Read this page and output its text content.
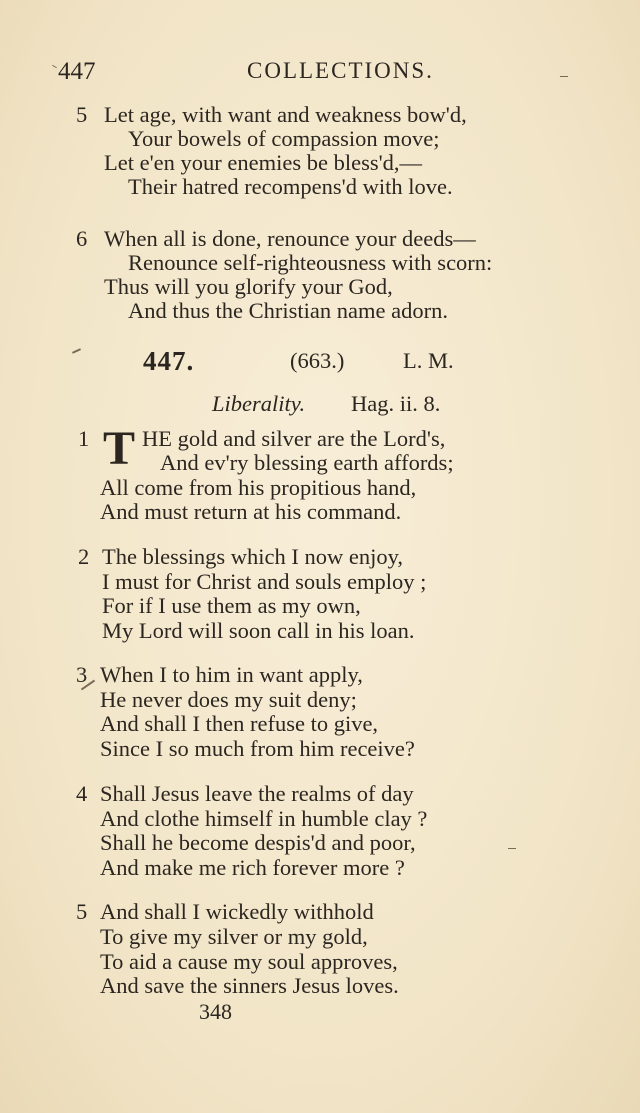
447	COLLECTIONS.
5 Let age, with want and weakness bow'd,
Your bowels of compassion move;
Let e'en your enemies be bless'd,—
Their hatred recompens'd with love.
6 When all is done, renounce your deeds—
Renounce self-righteousness with scorn:
Thus will you glorify your God,
And thus the Christian name adorn.
447.	(663.)	L. M.
Liberality. Hag. ii. 8.
1 T HE gold and silver are the Lord's,
And ev'ry blessing earth affords;
All come from his propitious hand,
And must return at his command.
2 The blessings which I now enjoy,
I must for Christ and souls employ ;
For if I use them as my own,
My Lord will soon call in his loan.
3 When I to him in want apply,
He never does my suit deny;
And shall I then refuse to give,
Since I so much from him receive?
4 Shall Jesus leave the realms of day
And clothe himself in humble clay ?
Shall he become despis'd and poor,
And make me rich forever more ?
5 And shall I wickedly withhold
To give my silver or my gold,
To aid a cause my soul approves,
And save the sinners Jesus loves.
348
